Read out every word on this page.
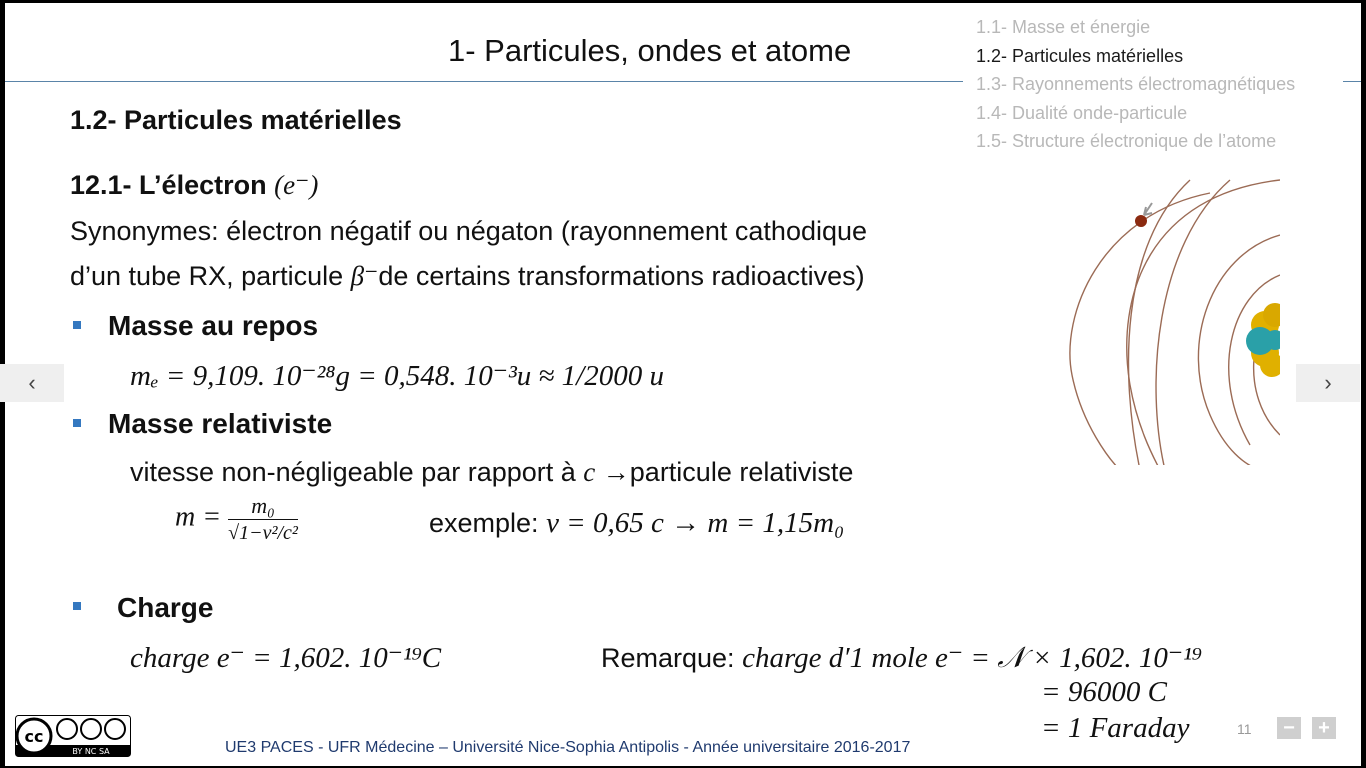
1- Particules, ondes et atome
1.1- Masse et énergie
1.2- Particules matérielles
1.3- Rayonnements électromagnétiques
1.4- Dualité onde-particule
1.5- Structure électronique de l’atome
1.2- Particules matérielles
12.1- L’électron (e⁻)
Synonymes: électron négatif ou négaton (rayonnement cathodique
d’un tube RX, particule β⁻de certains transformations radioactives)
Masse au repos
mₑ = 9,109. 10⁻²⁸g = 0,548. 10⁻³u ≈ 1/2000 u
Masse relativiste
vitesse non-négligeable par rapport à c →particule relativiste
$m = \frac{\text{m₀}}{\text{√1−v²/c²}}$	exemple: v = 0,65 c → m = 1,15m₀
Charge
charge e⁻ = 1,602. 10⁻¹⁹C	Remarque: charge d′1 mole e⁻ = 𝒩 × 1,602. 10⁻¹⁹
= 96000 C
= 1 Faraday
cc
BY NC SA	UE3 PACES - UFR Médecine – Université Nice-Sophia Antipolis - Année universitaire 2016-2017
11	−	+
‹	›
